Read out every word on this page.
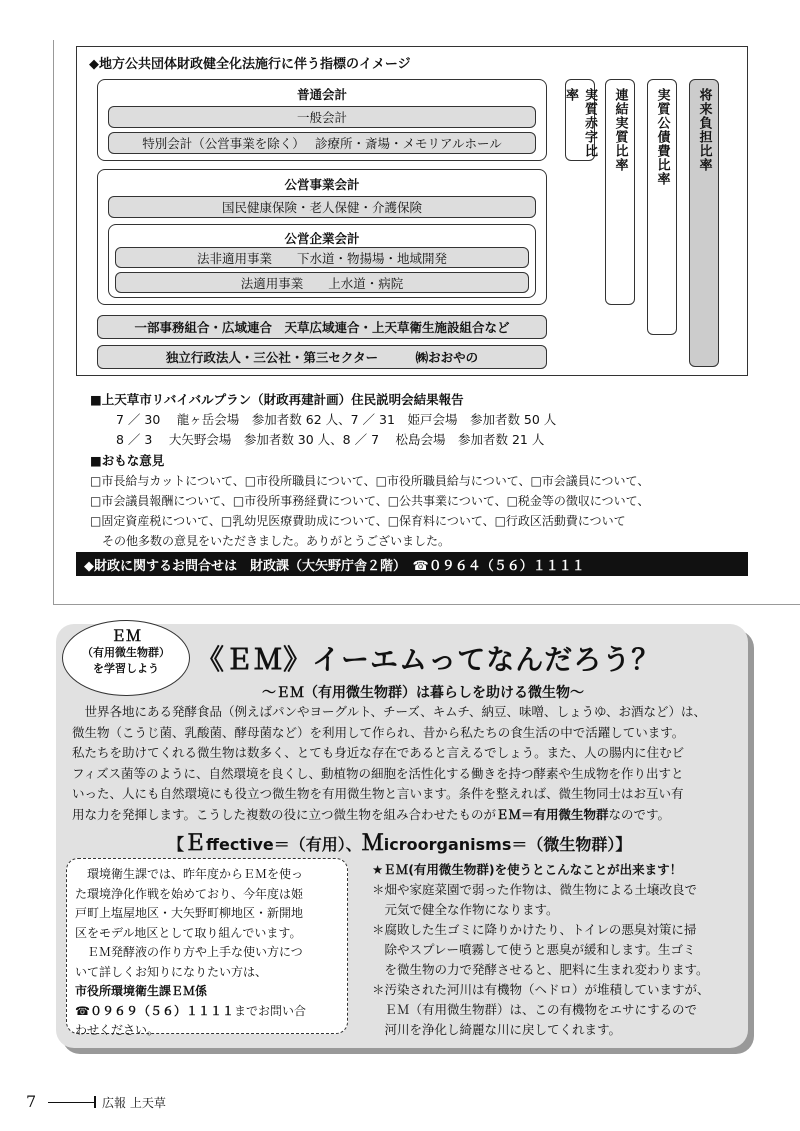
◆地方公共団体財政健全化法施行に伴う指標のイメージ
普通会計
一般会計
特別会計（公営事業を除く）　 診療所・斎場・メモリアルホール
公営事業会計
国民健康保険・老人保健・介護保険
公営企業会計
法非適用事業　　下水道・物揚場・地域開発
法適用事業　　上水道・病院
一部事務組合・広域連合　天草広域連合・上天草衛生施設組合など
独立行政法人・三公社・第三セクター　　　㈱おおやの
実質赤字比率	連結実質比率	実質公債費比率	将来負担比率
■上天草市リバイバルプラン（財政再建計画）住民説明会結果報告
7 ／ 30　 龍ヶ岳会場　参加者数 62 人、7 ／ 31　姫戸会場　参加者数 50 人
8 ／ 3　 大矢野会場　参加者数 30 人、8 ／ 7　 松島会場　参加者数 21 人
■おもな意見
□市長給与カットについて、□市役所職員について、□市役所職員給与について、□市会議員について、
□市会議員報酬について、□市役所事務経費について、□公共事業について、□税金等の徴収について、
□固定資産税について、□乳幼児医療費助成について、□保育料について、□行政区活動費について
　その他多数の意見をいただきました。ありがとうございました。
◆財政に関するお問合せは　財政課（大矢野庁舎２階）　☎０９６４（５６）１１１１
ＥＭ
（有用微生物群）
を学習しよう	《ＥＭ》イーエムってなんだろう？
～ＥＭ（有用微生物群）は暮らしを助ける微生物～
　世界各地にある発酵食品（例えばパンやヨーグルト、チーズ、キムチ、納豆、味噌、しょうゆ、お酒など）は、
微生物（こうじ菌、乳酸菌、酵母菌など）を利用して作られ、昔から私たちの食生活の中で活躍しています。
私たちを助けてくれる微生物は数多く、とても身近な存在であると言えるでしょう。また、人の腸内に住むビ
フィズス菌等のように、自然環境を良くし、動植物の細胞を活性化する働きを持つ酵素や生成物を作り出すと
いった、人にも自然環境にも役立つ微生物を有用微生物と言います。条件を整えれば、微生物同士はお互い有
用な力を発揮します。こうした複数の役に立つ微生物を組み合わせたものがＥＭ＝有用微生物群なのです。
【Ｅffective＝（有用）、Ｍicroorganisms＝（微生物群）】
　環境衛生課では、昨年度からＥＭを使っ
た環境浄化作戦を始めており、今年度は姫
戸町上塩屋地区・大矢野町柳地区・新開地
区をモデル地区として取り組んでいます。
　ＥＭ発酵液の作り方や上手な使い方につ
いて詳しくお知りになりたい方は、
市役所環境衛生課ＥＭ係
☎０９６９（５６）１１１１までお問い合
わせください。
★ＥＭ(有用微生物群)を使うとこんなことが出来ます！
＊畑や家庭菜園で弱った作物は、微生物による土壌改良で
　元気で健全な作物になります。
＊腐敗した生ゴミに降りかけたり、トイレの悪臭対策に掃
　除やスプレー噴霧して使うと悪臭が緩和します。生ゴミ
　を微生物の力で発酵させると、肥料に生まれ変わります。
＊汚染された河川は有機物（ヘドロ）が堆積していますが、
　ＥＭ（有用微生物群）は、この有機物をエサにするので
　河川を浄化し綺麗な川に戻してくれます。
7	広報 上天草
